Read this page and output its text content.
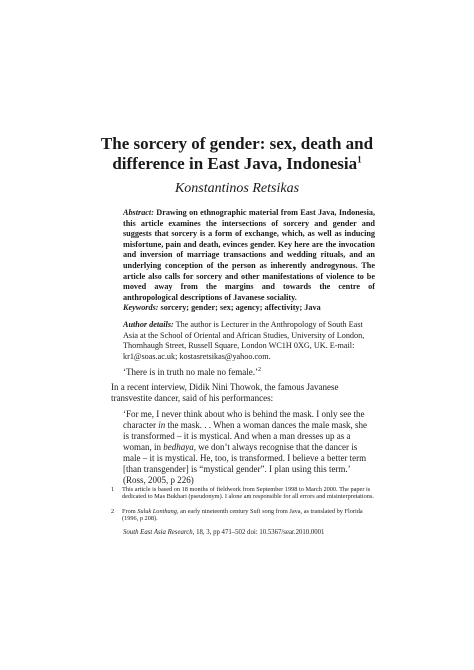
The sorcery of gender: sex, death and
difference in East Java, Indonesia$^1$
Konstantinos Retsikas
Abstract: Drawing on ethnographic material from East Java, Indonesia, this article examines the intersections of sorcery and gender and suggests that sorcery is a form of exchange, which, as well as inducing misfortune, pain and death, evinces gender. Key here are the invocation and inversion of marriage transactions and wedding rituals, and an underlying conception of the person as inherently androgynous. The article also calls for sorcery and other manifestations of violence to be moved away from the margins and towards the centre of anthropological descriptions of Javanese sociality.
Keywords: sorcery; gender; sex; agency; affectivity; Java
Author details: The author is Lecturer in the Anthropology of South East Asia at the School of Oriental and African Studies, University of London, Thornhaugh Street, Russell Square, London WC1H 0XG, UK. E-mail: kr1@soas.ac.uk; kostasretsikas@yahoo.com.
‘There is in truth no male no female.’$^2$
In a recent interview, Didik Nini Thowok, the famous Javanese transvestite dancer, said of his performances:
‘For me, I never think about who is behind the mask. I only see the character in the mask. . . When a woman dances the male mask, she is transformed – it is mystical. And when a man dresses up as a woman, in bedhaya, we don’t always recognise that the dancer is male – it is mystical. He, too, is transformed. I believe a better term [than transgender] is “mystical gender”. I plan using this term.’ (Ross, 2005, p 226)
1 This article is based on 18 months of fieldwork from September 1998 to March 2000. The paper is dedicated to Mas Bukhari (pseudonym). I alone am responsible for all errors and misinterpretations.
2 From Suluk Lonthang, an early nineteenth century Sufi song from Java, as translated by Florida (1996, p 208).
South East Asia Research, 18, 3, pp 471–502 doi: 10.5367/sear.2010.0001
